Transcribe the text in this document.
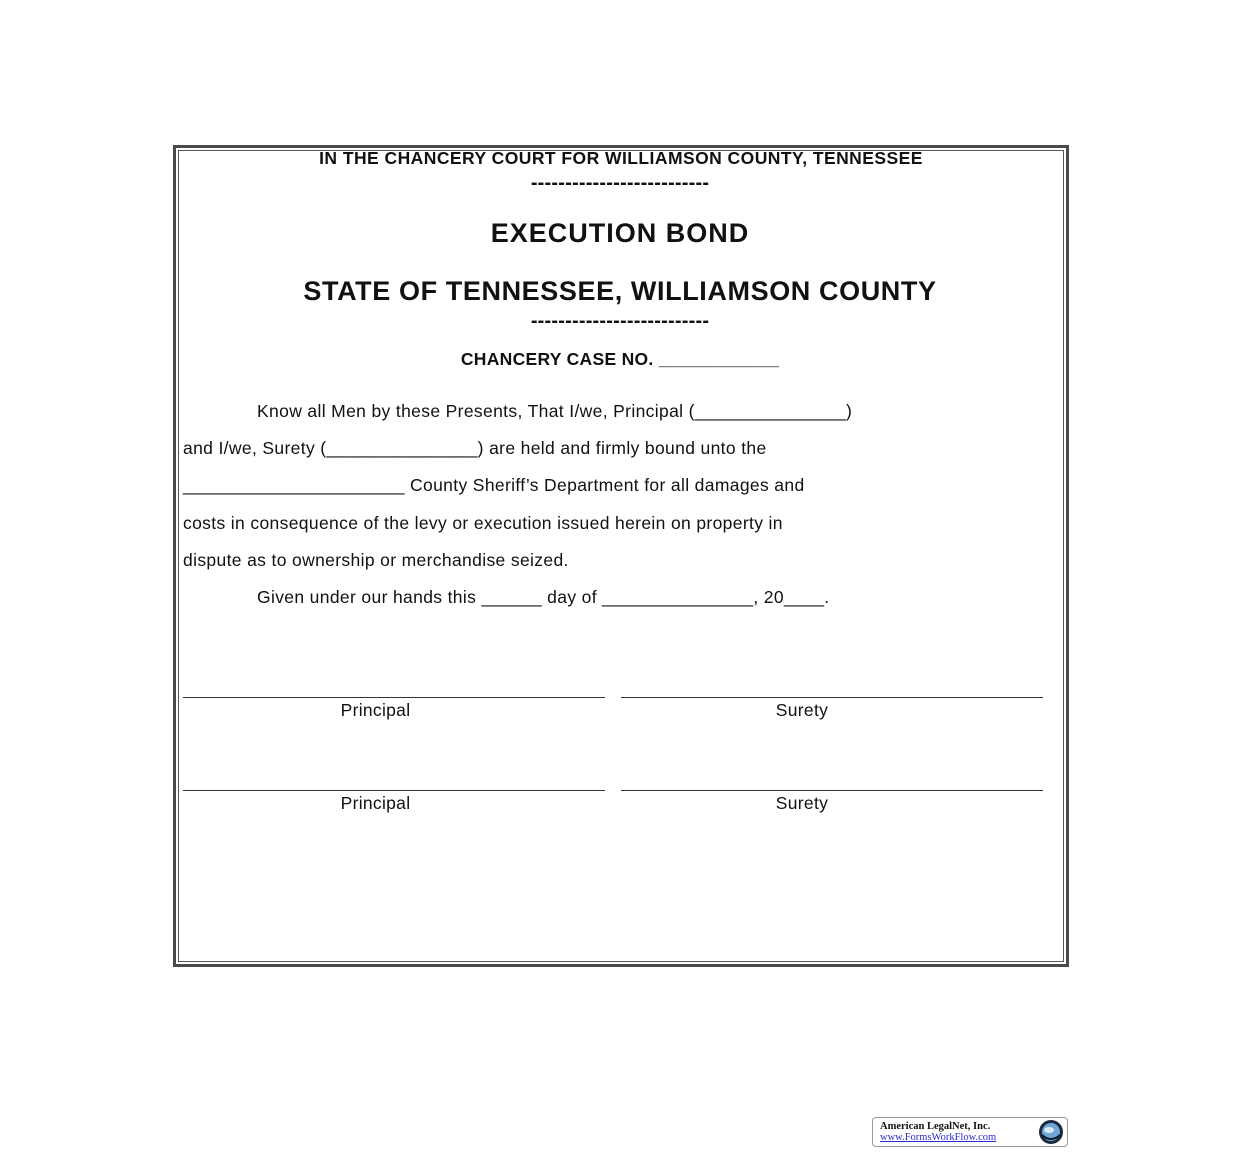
IN THE CHANCERY COURT FOR WILLIAMSON COUNTY, TENNESSEE
--------------------------
EXECUTION BOND
STATE OF TENNESSEE, WILLIAMSON COUNTY
--------------------------
CHANCERY CASE NO. ____________
Know all Men by these Presents, That I/we, Principal (_______________)
and I/we, Surety (_______________) are held and firmly bound unto the
______________________ County Sheriff’s Department for all damages and
costs in consequence of the levy or execution issued herein on property in
dispute as to ownership or merchandise seized.
Given under our hands this ______ day of _______________, 20____.
Principal	Surety
Principal	Surety
American LegalNet, Inc.
www.FormsWorkFlow.com
